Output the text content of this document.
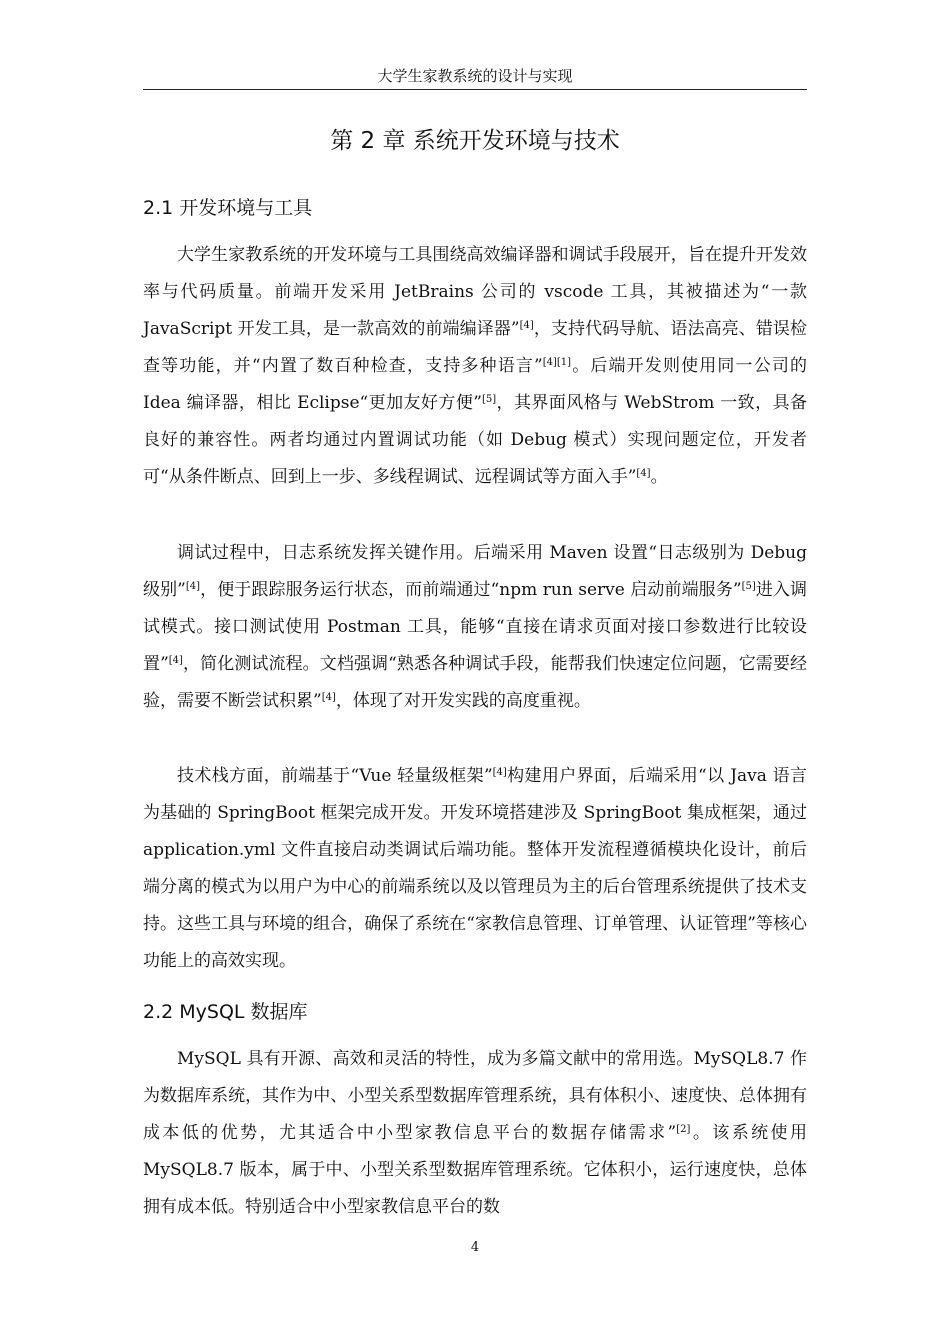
大学生家教系统的设计与实现
第 2 章 系统开发环境与技术
2.1 开发环境与工具

大学生家教系统的开发环境与工具围绕高效编译器和调试手段展开，旨在提升开发效率与代码质量。前端开发采用 JetBrains 公司的 vscode 工具，其被描述为“一款 JavaScript 开发工具，是一款高效的前端编译器”[4]，支持代码导航、语法高亮、错误检查等功能，并“内置了数百种检查，支持多种语言”[4][1]。后端开发则使用同一公司的 Idea 编译器，相比 Eclipse“更加友好方便”[5]，其界面风格与 WebStrom 一致，具备良好的兼容性。两者均通过内置调试功能（如 Debug 模式）实现问题定位，开发者可“从条件断点、回到上一步、多线程调试、远程调试等方面入手”[4]。

调试过程中，日志系统发挥关键作用。后端采用 Maven 设置“日志级别为 Debug 级别”[4]，便于跟踪服务运行状态，而前端通过“npm run serve 启动前端服务”[5]进入调试模式。接口测试使用 Postman 工具，能够“直接在请求页面对接口参数进行比较设置”[4]，简化测试流程。文档强调“熟悉各种调试手段，能帮我们快速定位问题，它需要经验，需要不断尝试积累”[4]，体现了对开发实践的高度重视。

技术栈方面，前端基于“Vue 轻量级框架”[4]构建用户界面，后端采用“以 Java 语言为基础的 SpringBoot 框架完成开发。开发环境搭建涉及 SpringBoot 集成框架，通过 application.yml 文件直接启动类调试后端功能。整体开发流程遵循模块化设计，前后端分离的模式为以用户为中心的前端系统以及以管理员为主的后台管理系统提供了技术支持。这些工具与环境的组合，确保了系统在“家教信息管理、订单管理、认证管理”等核心功能上的高效实现。

2.2 MySQL 数据库

MySQL 具有开源、高效和灵活的特性，成为多篇文献中的常用选。MySQL8.7 作为数据库系统，其作为中、小型关系型数据库管理系统，具有体积小、速度快、总体拥有成本低的优势，尤其适合中小型家教信息平台的数据存储需求”[2]。该系统使用 MySQL8.7 版本，属于中、小型关系型数据库管理系统。它体积小，运行速度快，总体拥有成本低。特别适合中小型家教信息平台的数

4
